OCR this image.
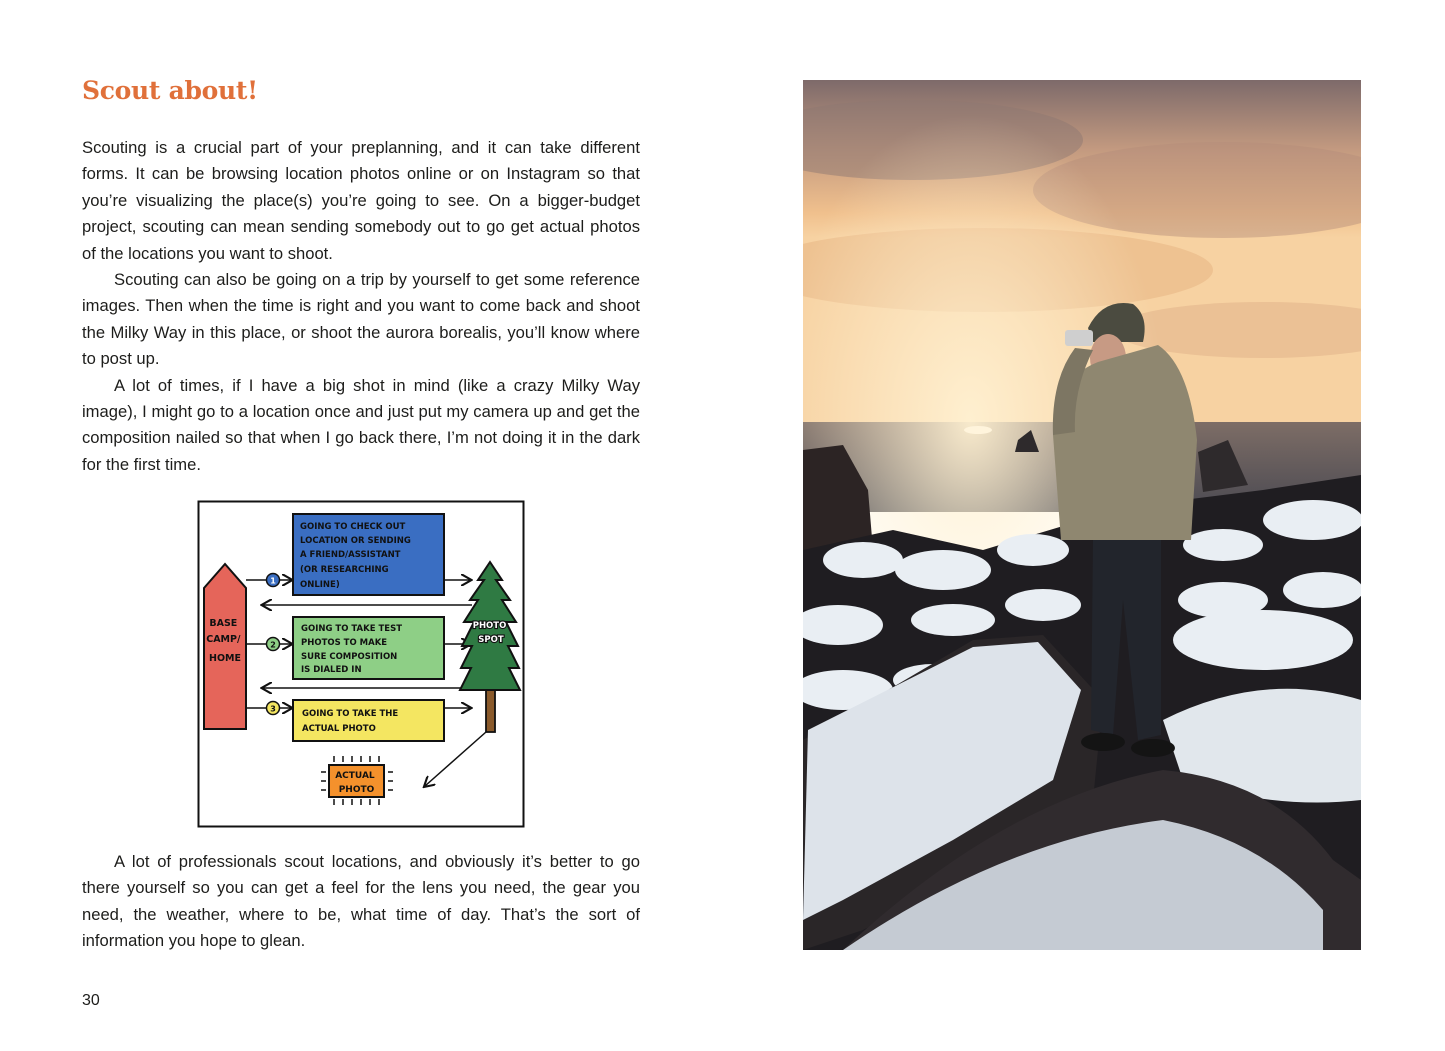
Scout about!

Scouting is a crucial part of your preplanning, and it can take different forms. It can be browsing location photos online or on Instagram so that you’re visualizing the place(s) you’re going to see. On a bigger-budget project, scouting can mean sending somebody out to go get actual photos of the locations you want to shoot.

Scouting can also be going on a trip by yourself to get some reference images. Then when the time is right and you want to come back and shoot the Milky Way in this place, or shoot the aurora borealis, you’ll know where to post up.

A lot of times, if I have a big shot in mind (like a crazy Milky Way image), I might go to a location once and just put my camera up and get the composition nailed so that when I go back there, I’m not doing it in the dark for the first time.

BASE CAMP/ HOME
1
GOING TO CHECK OUT LOCATION OR SENDING A FRIEND/ASSISTANT (OR RESEARCHING ONLINE)
2
GOING TO TAKE TEST PHOTOS TO MAKE SURE COMPOSITION IS DIALED IN
3	GOING TO TAKE THE ACTUAL PHOTO
PHOTO SPOT
ACTUAL PHOTO

A lot of professionals scout locations, and obviously it’s better to go there yourself so you can get a feel for the lens you need, the gear you need, the weather, where to be, what time of day. That’s the sort of information you hope to glean.

30
